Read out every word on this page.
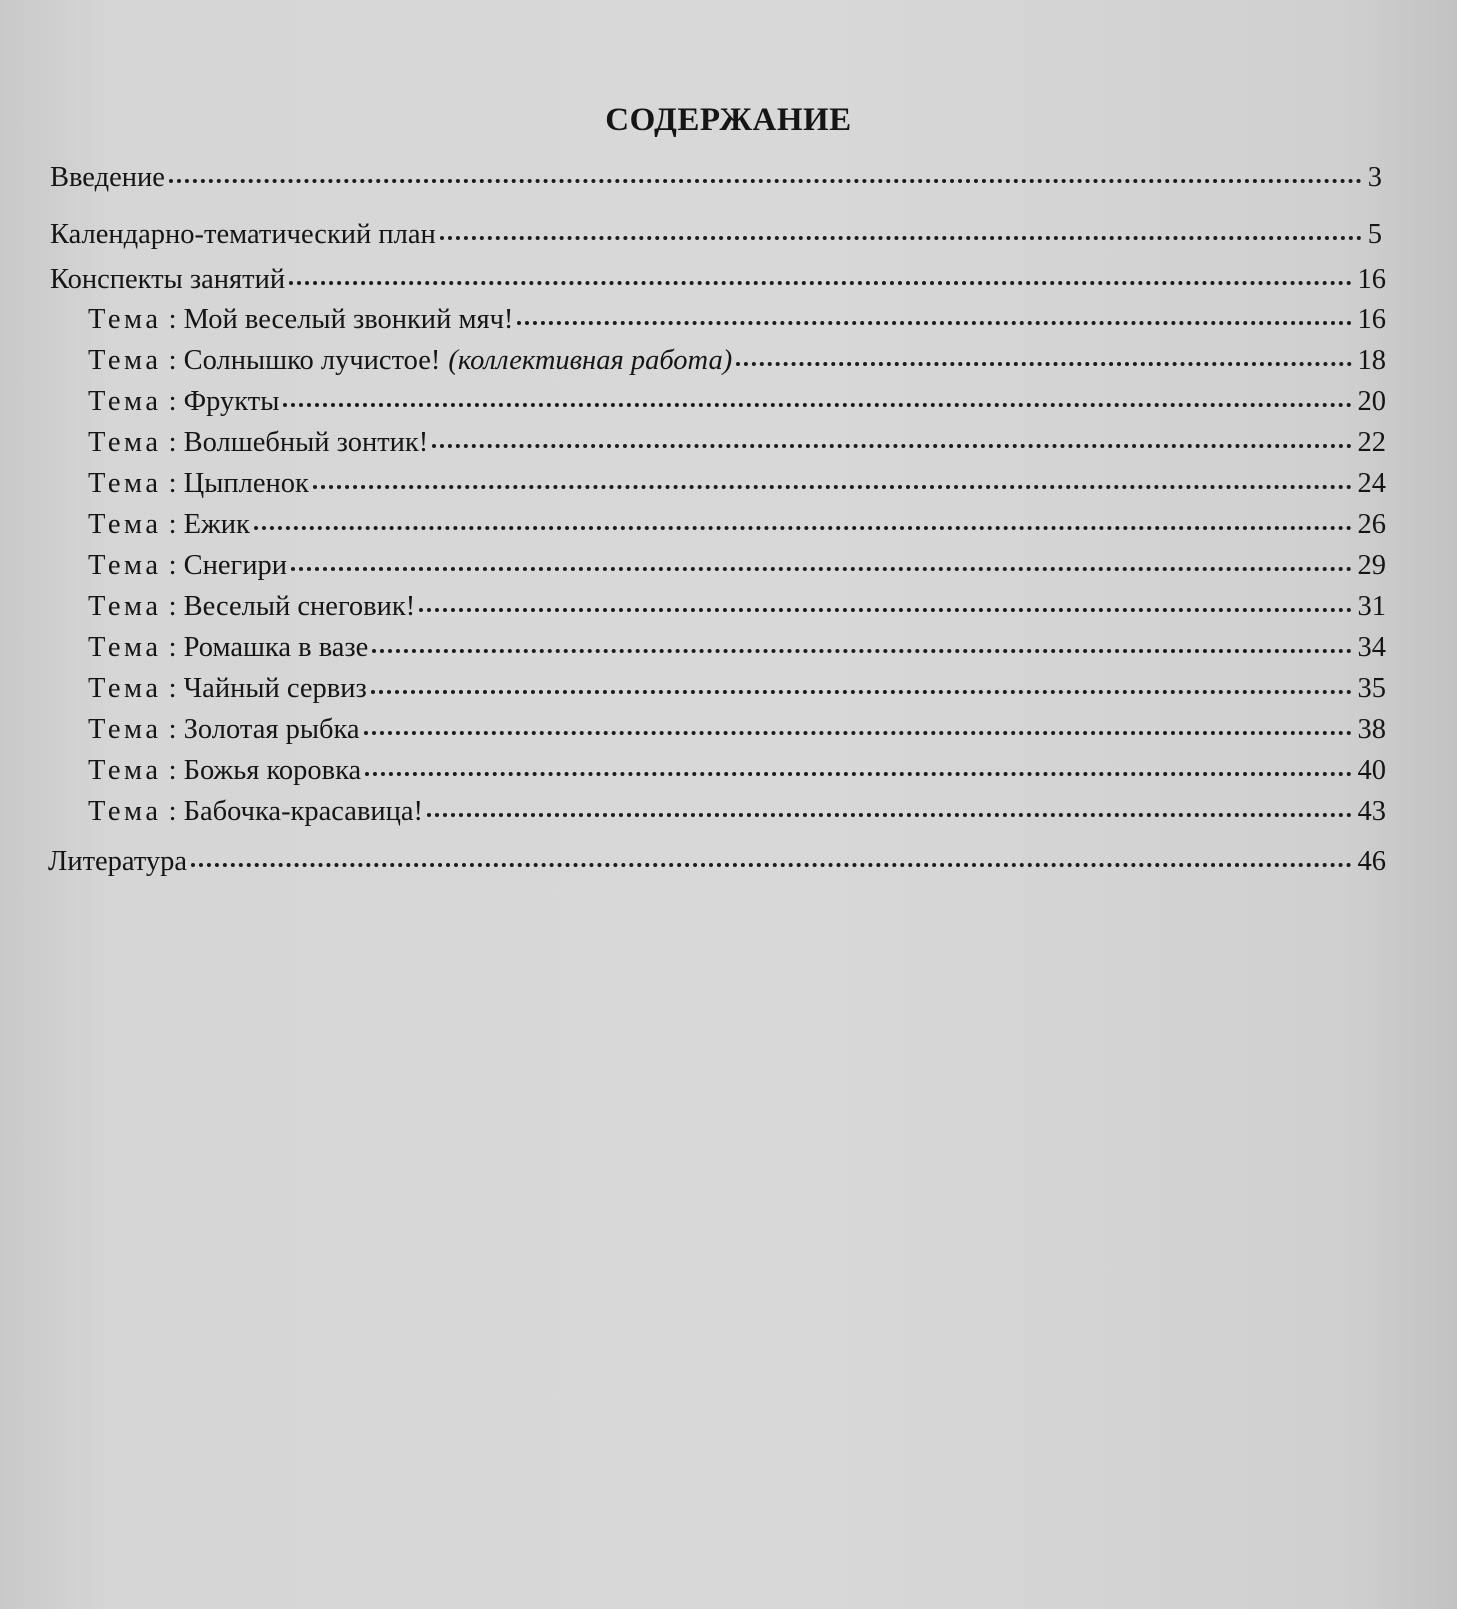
СОДЕРЖАНИЕ
Введение	3
Календарно-тематический план	5
Конспекты занятий	16
Тема : Мой веселый звонкий мяч!	16
Тема : Солнышко лучистое! (коллективная работа)	18
Тема : Фрукты	20
Тема : Волшебный зонтик!	22
Тема : Цыпленок	24
Тема : Ежик	26
Тема : Снегири	29
Тема : Веселый снеговик!	31
Тема : Ромашка в вазе	34
Тема : Чайный сервиз	35
Тема : Золотая рыбка	38
Тема : Божья коровка	40
Тема : Бабочка-красавица!	43
Литература	46
